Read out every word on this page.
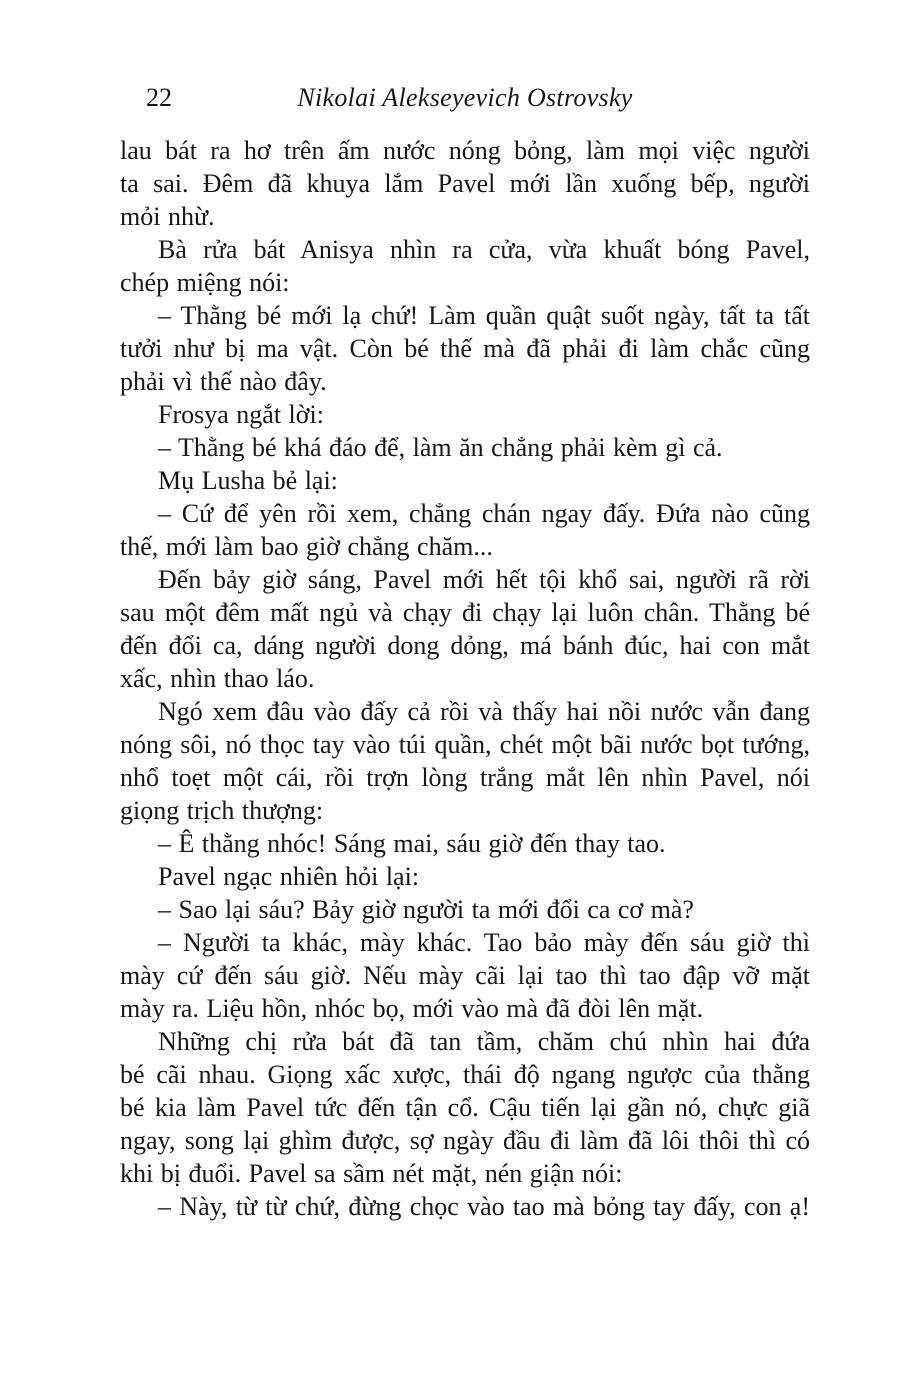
22	Nikolai Alekseyevich Ostrovsky

lau bát ra hơ trên ấm nước nóng bỏng, làm mọi việc người
ta sai. Đêm đã khuya lắm Pavel mới lần xuống bếp, người
mỏi nhừ.

Bà rửa bát Anisya nhìn ra cửa, vừa khuất bóng Pavel,
chép miệng nói:

– Thằng bé mới lạ chứ! Làm quần quật suốt ngày, tất ta tất
tưởi như bị ma vật. Còn bé thế mà đã phải đi làm chắc cũng
phải vì thế nào đây.

Frosya ngắt lời:

– Thằng bé khá đáo để, làm ăn chẳng phải kèm gì cả.

Mụ Lusha bẻ lại:

– Cứ để yên rồi xem, chẳng chán ngay đấy. Đứa nào cũng
thế, mới làm bao giờ chẳng chăm...

Đến bảy giờ sáng, Pavel mới hết tội khổ sai, người rã rời
sau một đêm mất ngủ và chạy đi chạy lại luôn chân. Thằng bé
đến đổi ca, dáng người dong dỏng, má bánh đúc, hai con mắt
xấc, nhìn thao láo.

Ngó xem đâu vào đấy cả rồi và thấy hai nồi nước vẫn đang
nóng sôi, nó thọc tay vào túi quần, chét một bãi nước bọt tướng,
nhổ toẹt một cái, rồi trợn lòng trắng mắt lên nhìn Pavel, nói
giọng trịch thượng:

– Ê thằng nhóc! Sáng mai, sáu giờ đến thay tao.

Pavel ngạc nhiên hỏi lại:

– Sao lại sáu? Bảy giờ người ta mới đổi ca cơ mà?

– Người ta khác, mày khác. Tao bảo mày đến sáu giờ thì
mày cứ đến sáu giờ. Nếu mày cãi lại tao thì tao đập vỡ mặt
mày ra. Liệu hồn, nhóc bọ, mới vào mà đã đòi lên mặt.

Những chị rửa bát đã tan tầm, chăm chú nhìn hai đứa
bé cãi nhau. Giọng xấc xược, thái độ ngang ngược của thằng
bé kia làm Pavel tức đến tận cổ. Cậu tiến lại gần nó, chực giã
ngay, song lại ghìm được, sợ ngày đầu đi làm đã lôi thôi thì có
khi bị đuổi. Pavel sa sầm nét mặt, nén giận nói:

– Này, từ từ chứ, đừng chọc vào tao mà bỏng tay đấy, con ạ!
